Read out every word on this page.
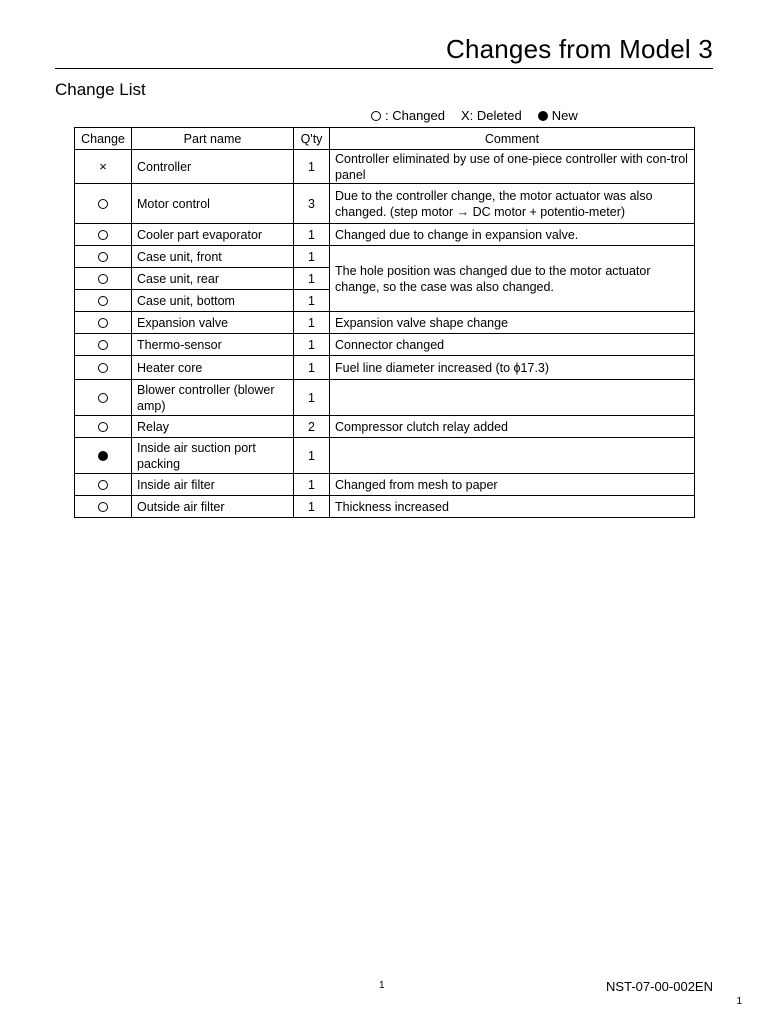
Changes from Model 3
Change List
: Changed X: Deleted New
Change	Part name	Q'ty	Comment
×	Controller	1	Controller eliminated by use of one-piece controller with con-trol panel
	Motor control	3	Due to the controller change, the motor actuator was also changed. (step motor → DC motor + potentio-meter)
	Cooler part evaporator	1	Changed due to change in expansion valve.
	Case unit, front	1	The hole position was changed due to the motor actuator change, so the case was also changed.
	Case unit, rear	1	
	Case unit, bottom	1	
	Expansion valve	1	Expansion valve shape change
	Thermo-sensor	1	Connector changed
	Heater core	1	Fuel line diameter increased (to ϕ17.3)
	Blower controller (blower amp)	1	
	Relay	2	Compressor clutch relay added
	Inside air suction port packing	1	
	Inside air filter	1	Changed from mesh to paper
	Outside air filter	1	Thickness increased
1	NST-07-00-002EN
1
